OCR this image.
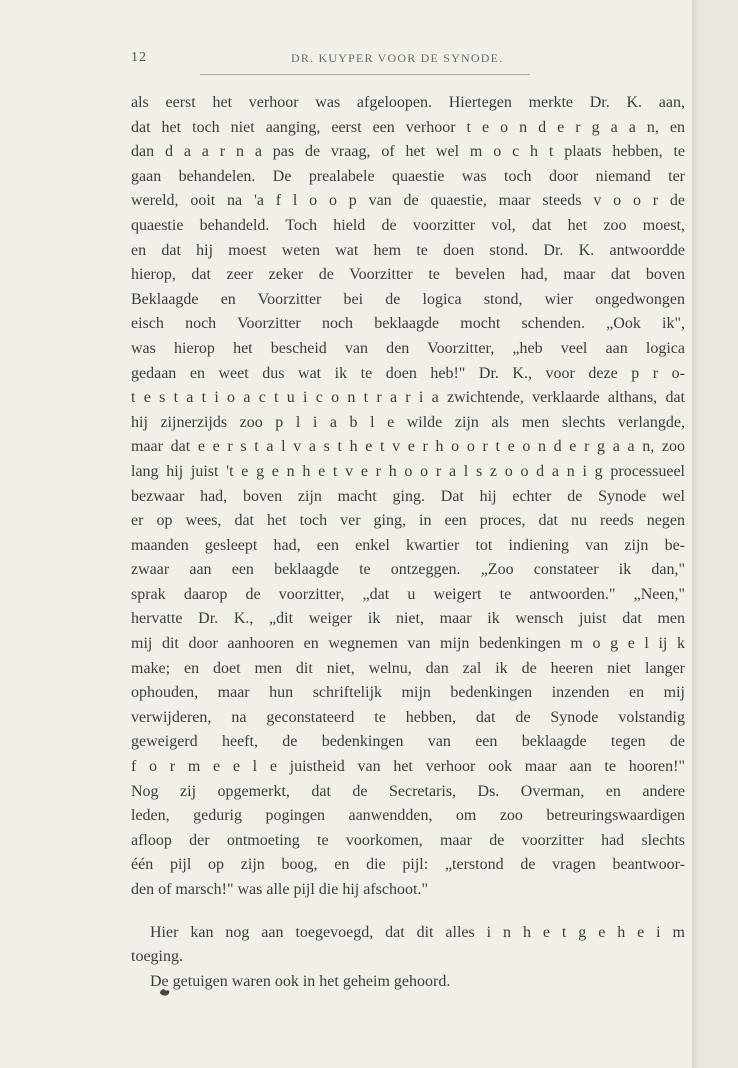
12	DR. KUYPER VOOR DE SYNODE.
als eerst het verhoor was afgeloopen. Hiertegen merkte Dr. K. aan,
dat het toch niet aanging, eerst een verhoor t e o n d e r g a a n, en
dan d a a r n a pas de vraag, of het wel m o c h t plaats hebben, te
gaan behandelen. De prealabele quaestie was toch door niemand ter
wereld, ooit na 'a f l o o p van de quaestie, maar steeds v o o r de
quaestie behandeld. Toch hield de voorzitter vol, dat het zoo moest,
en dat hij moest weten wat hem te doen stond. Dr. K. antwoordde
hierop, dat zeer zeker de Voorzitter te bevelen had, maar dat boven
Beklaagde en Voorzitter bei de logica stond, wier ongedwongen
eisch noch Voorzitter noch beklaagde mocht schenden. „Ook ik",
was hierop het bescheid van den Voorzitter, „heb veel aan logica
gedaan en weet dus wat ik te doen heb!" Dr. K., voor deze p r o-
t e s t a t i o a c t u i c o n t r a r i a zwichtende, verklaarde althans, dat
hij zijnerzijds zoo p l i a b l e wilde zijn als men slechts verlangde,
maar dat e e r s t a l v a s t h e t v e r h o o r t e o n d e r g a a n, zoo
lang hij juist 't e g e n h e t v e r h o o r a l s z o o d a n i g processueel
bezwaar had, boven zijn macht ging. Dat hij echter de Synode wel
er op wees, dat het toch ver ging, in een proces, dat nu reeds negen
maanden gesleept had, een enkel kwartier tot indiening van zijn be-
zwaar aan een beklaagde te ontzeggen. „Zoo constateer ik dan,"
sprak daarop de voorzitter, „dat u weigert te antwoorden." „Neen,"
hervatte Dr. K., „dit weiger ik niet, maar ik wensch juist dat men
mij dit door aanhooren en wegnemen van mijn bedenkingen m o g e l ij k
make; en doet men dit niet, welnu, dan zal ik de heeren niet langer
ophouden, maar hun schriftelijk mijn bedenkingen inzenden en mij
verwijderen, na geconstateerd te hebben, dat de Synode volstandig
geweigerd heeft, de bedenkingen van een beklaagde tegen de
f o r m e e l e juistheid van het verhoor ook maar aan te hooren!"
Nog zij opgemerkt, dat de Secretaris, Ds. Overman, en andere
leden, gedurig pogingen aanwendden, om zoo betreuringswaardigen
afloop der ontmoeting te voorkomen, maar de voorzitter had slechts
één pijl op zijn boog, en die pijl: „terstond de vragen beantwoor-
den of marsch!" was alle pijl die hij afschoot."
Hier kan nog aan toegevoegd, dat dit alles i n h e t g e h e i m
toeging.
De getuigen waren ook in het geheim gehoord.
